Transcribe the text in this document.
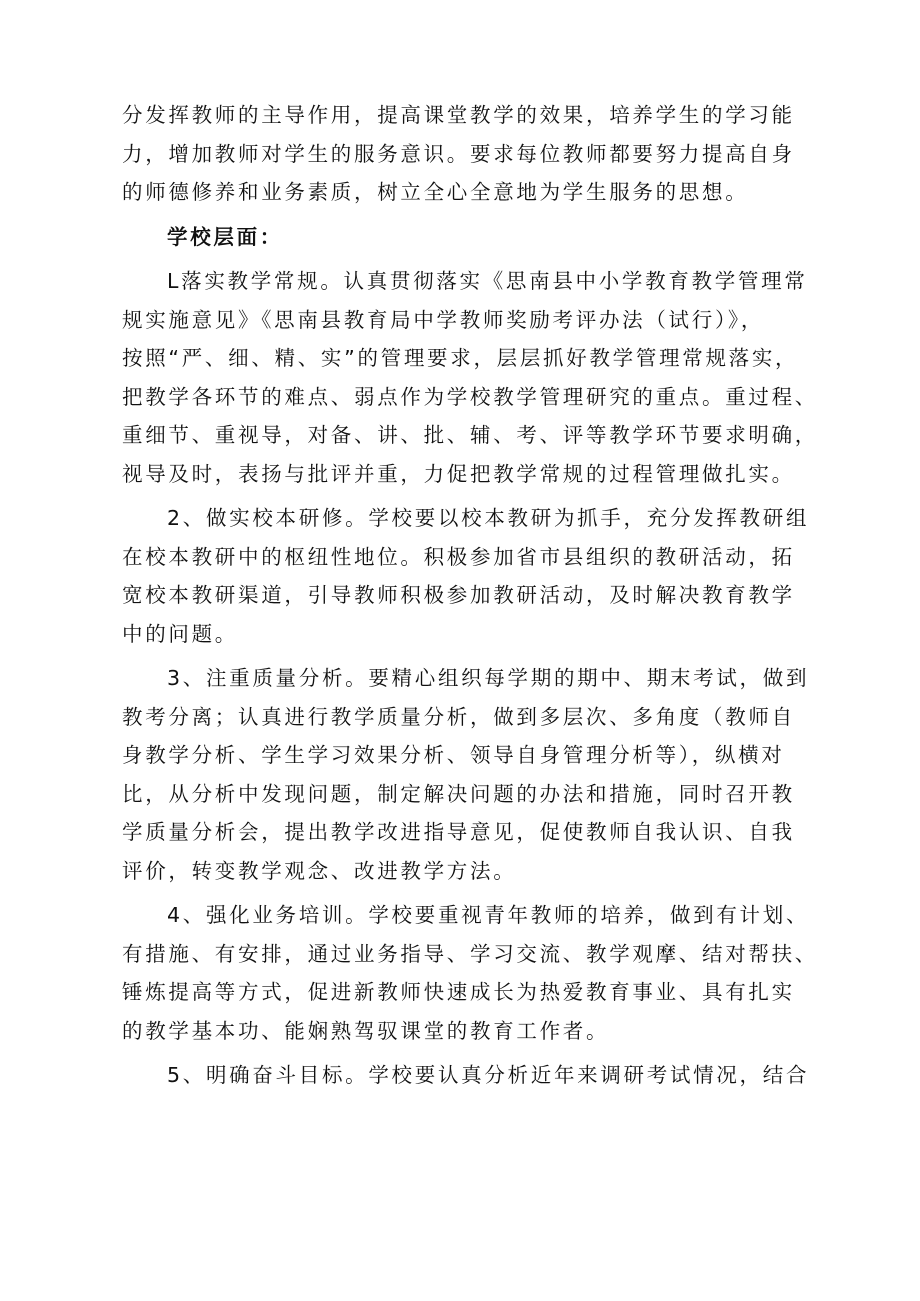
分发挥教师的主导作用，提高课堂教学的效果，培养学生的学习能
力，增加教师对学生的服务意识。要求每位教师都要努力提高自身
的师德修养和业务素质，树立全心全意地为学生服务的思想。
学校层面：
L落实教学常规。认真贯彻落实《思南县中小学教育教学管理常
规实施意见》《思南县教育局中学教师奖励考评办法（试行）》，
按照“严、细、精、实”的管理要求，层层抓好教学管理常规落实，
把教学各环节的难点、弱点作为学校教学管理研究的重点。重过程、
重细节、重视导，对备、讲、批、辅、考、评等教学环节要求明确，
视导及时，表扬与批评并重，力促把教学常规的过程管理做扎实。
2、做实校本研修。学校要以校本教研为抓手，充分发挥教研组
在校本教研中的枢纽性地位。积极参加省市县组织的教研活动，拓
宽校本教研渠道，引导教师积极参加教研活动，及时解决教育教学
中的问题。
3、注重质量分析。要精心组织每学期的期中、期末考试，做到
教考分离；认真进行教学质量分析，做到多层次、多角度（教师自
身教学分析、学生学习效果分析、领导自身管理分析等），纵横对
比，从分析中发现问题，制定解决问题的办法和措施，同时召开教
学质量分析会，提出教学改进指导意见，促使教师自我认识、自我
评价，转变教学观念、改进教学方法。
4、强化业务培训。学校要重视青年教师的培养，做到有计划、
有措施、有安排，通过业务指导、学习交流、教学观摩、结对帮扶、
锤炼提高等方式，促进新教师快速成长为热爱教育事业、具有扎实
的教学基本功、能娴熟驾驭课堂的教育工作者。
5、明确奋斗目标。学校要认真分析近年来调研考试情况，结合
